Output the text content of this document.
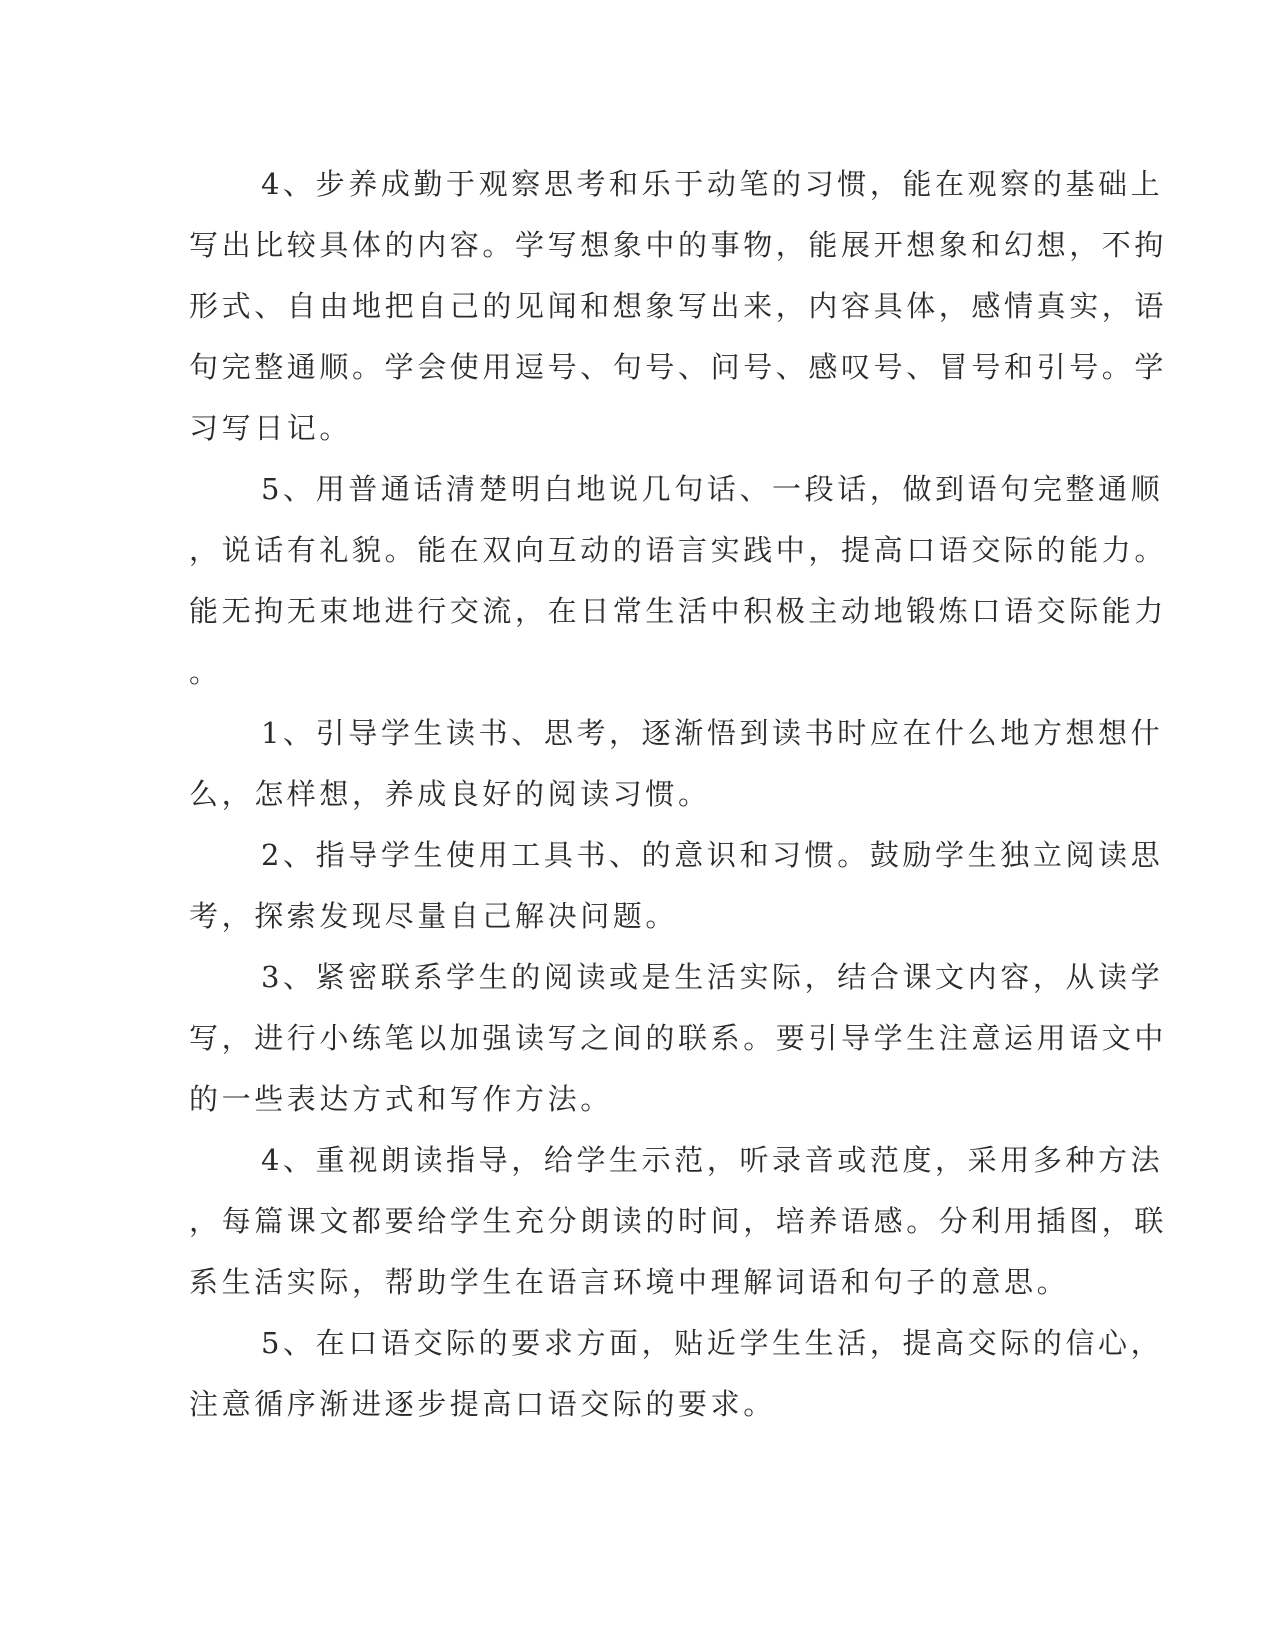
4、步养成勤于观察思考和乐于动笔的习惯，能在观察的基础上
写出比较具体的内容。学写想象中的事物，能展开想象和幻想，不拘
形式、自由地把自己的见闻和想象写出来，内容具体，感情真实，语
句完整通顺。学会使用逗号、句号、问号、感叹号、冒号和引号。学
习写日记。
5、用普通话清楚明白地说几句话、一段话，做到语句完整通顺
，说话有礼貌。能在双向互动的语言实践中，提高口语交际的能力。
能无拘无束地进行交流，在日常生活中积极主动地锻炼口语交际能力
。
1、引导学生读书、思考，逐渐悟到读书时应在什么地方想想什
么，怎样想，养成良好的阅读习惯。
2、指导学生使用工具书、的意识和习惯。鼓励学生独立阅读思
考，探索发现尽量自己解决问题。
3、紧密联系学生的阅读或是生活实际，结合课文内容，从读学
写，进行小练笔以加强读写之间的联系。要引导学生注意运用语文中
的一些表达方式和写作方法。
4、重视朗读指导，给学生示范，听录音或范度，采用多种方法
，每篇课文都要给学生充分朗读的时间，培养语感。分利用插图，联
系生活实际，帮助学生在语言环境中理解词语和句子的意思。
5、在口语交际的要求方面，贴近学生生活，提高交际的信心，
注意循序渐进逐步提高口语交际的要求。
